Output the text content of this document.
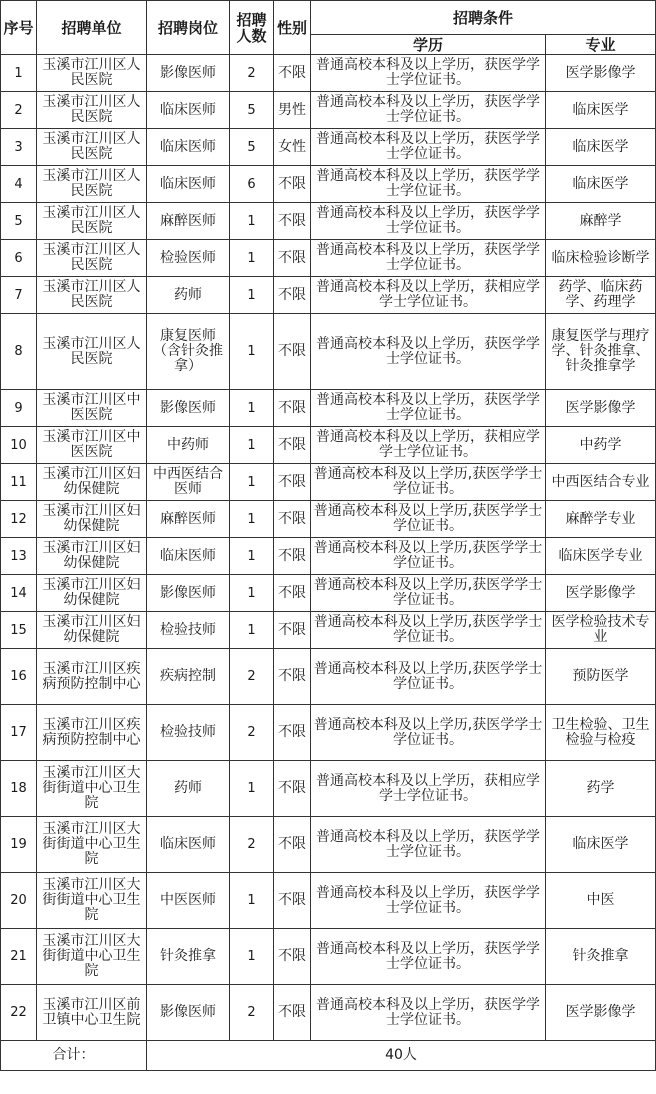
序号	招聘单位	招聘岗位	招聘人数	性别	招聘条件	
					学历	专业
1	玉溪市江川区人民医院	影像医师	2	不限	普通高校本科及以上学历，获医学学士学位证书。	医学影像学
2	玉溪市江川区人民医院	临床医师	5	男性	普通高校本科及以上学历，获医学学士学位证书。	临床医学
3	玉溪市江川区人民医院	临床医师	5	女性	普通高校本科及以上学历，获医学学士学位证书。	临床医学
4	玉溪市江川区人民医院	临床医师	6	不限	普通高校本科及以上学历，获医学学士学位证书。	临床医学
5	玉溪市江川区人民医院	麻醉医师	1	不限	普通高校本科及以上学历，获医学学士学位证书。	麻醉学
6	玉溪市江川区人民医院	检验医师	1	不限	普通高校本科及以上学历，获医学学士学位证书。	临床检验诊断学
7	玉溪市江川区人民医院	药师	1	不限	普通高校本科及以上学历，获相应学学士学位证书。	药学、临床药学、药理学
8	玉溪市江川区人民医院	康复医师（含针灸推拿）	1	不限	普通高校本科及以上学历，获医学学士学位证书。	康复医学与理疗学、针灸推拿、针灸推拿学
9	玉溪市江川区中医医院	影像医师	1	不限	普通高校本科及以上学历，获医学学士学位证书。	医学影像学
10	玉溪市江川区中医医院	中药师	1	不限	普通高校本科及以上学历，获相应学学士学位证书。	中药学
11	玉溪市江川区妇幼保健院	中西医结合医师	1	不限	普通高校本科及以上学历,获医学学士学位证书。	中西医结合专业
12	玉溪市江川区妇幼保健院	麻醉医师	1	不限	普通高校本科及以上学历,获医学学士学位证书。	麻醉学专业
13	玉溪市江川区妇幼保健院	临床医师	1	不限	普通高校本科及以上学历,获医学学士学位证书。	临床医学专业
14	玉溪市江川区妇幼保健院	影像医师	1	不限	普通高校本科及以上学历,获医学学士学位证书。	医学影像学
15	玉溪市江川区妇幼保健院	检验技师	1	不限	普通高校本科及以上学历,获医学学士学位证书。	医学检验技术专业
16	玉溪市江川区疾病预防控制中心	疾病控制	2	不限	普通高校本科及以上学历,获医学学士学位证书。	预防医学
17	玉溪市江川区疾病预防控制中心	检验技师	2	不限	普通高校本科及以上学历,获医学学士学位证书。	卫生检验、卫生检验与检疫
18	玉溪市江川区大街街道中心卫生院	药师	1	不限	普通高校本科及以上学历，获相应学学士学位证书。	药学
19	玉溪市江川区大街街道中心卫生院	临床医师	2	不限	普通高校本科及以上学历，获医学学士学位证书。	临床医学
20	玉溪市江川区大街街道中心卫生院	中医医师	1	不限	普通高校本科及以上学历，获医学学士学位证书。	中医
21	玉溪市江川区大街街道中心卫生院	针灸推拿	1	不限	普通高校本科及以上学历，获医学学士学位证书。	针灸推拿
22	玉溪市江川区前卫镇中心卫生院	影像医师	2	不限	普通高校本科及以上学历，获医学学士学位证书。	医学影像学
合计：		40人				
